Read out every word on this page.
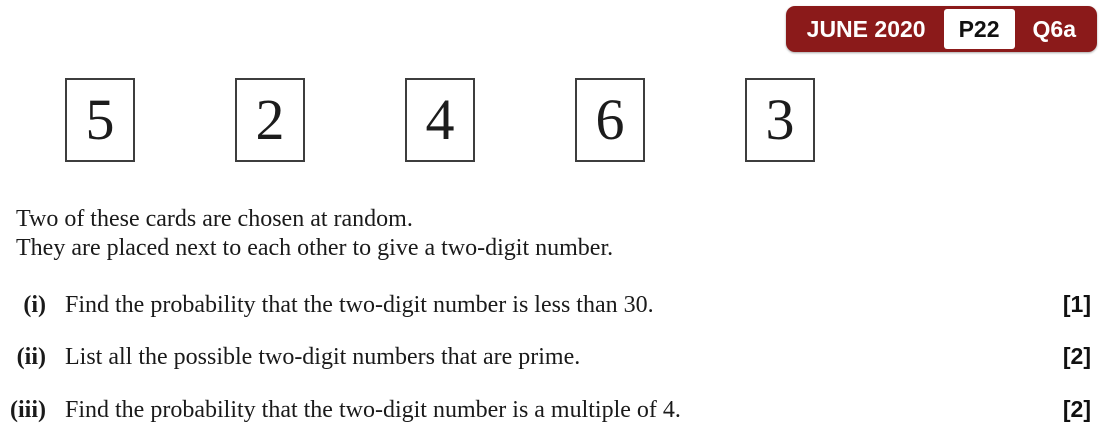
JUNE 2020	P22	Q6a
5	2	4	6	3
Two of these cards are chosen at random.
They are placed next to each other to give a two-digit number.
(i) Find the probability that the two-digit number is less than 30.	[1]
(ii) List all the possible two-digit numbers that are prime.	[2]
(iii) Find the probability that the two-digit number is a multiple of 4.	[2]
